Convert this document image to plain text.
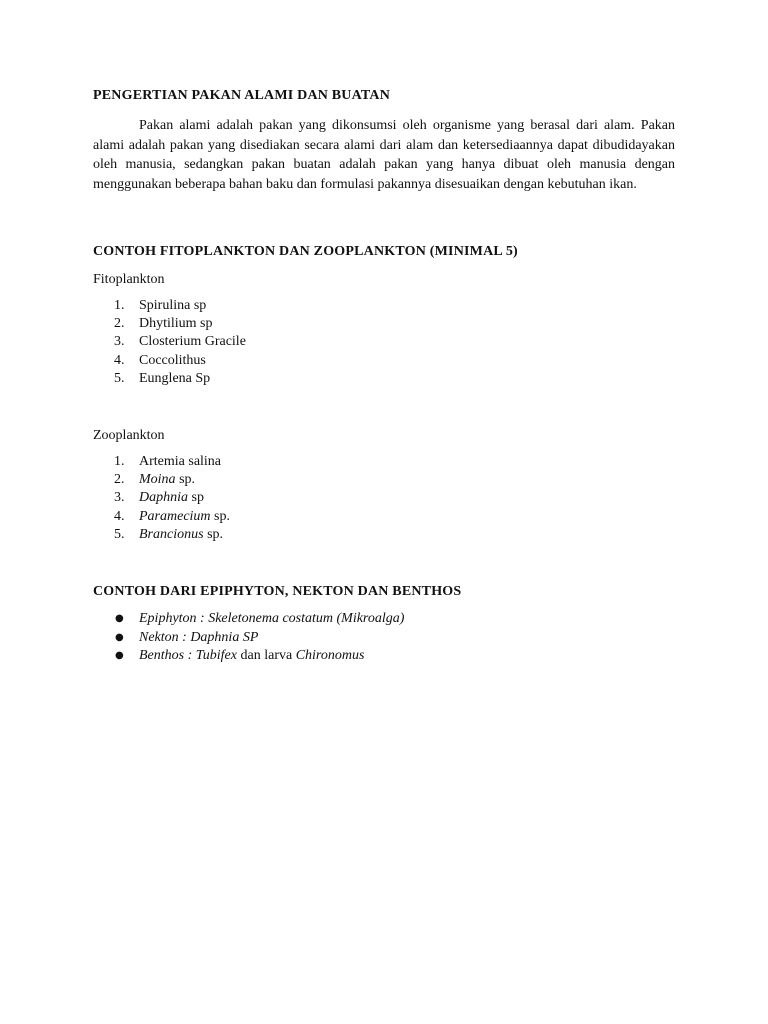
PENGERTIAN PAKAN ALAMI DAN BUATAN

Pakan alami adalah pakan yang dikonsumsi oleh organisme yang berasal dari alam. Pakan alami adalah pakan yang disediakan secara alami dari alam dan ketersediaannya dapat dibudidayakan oleh manusia, sedangkan pakan buatan adalah pakan yang hanya dibuat oleh manusia dengan menggunakan beberapa bahan baku dan formulasi pakannya disesuaikan dengan kebutuhan ikan.

CONTOH FITOPLANKTON DAN ZOOPLANKTON (MINIMAL 5)

Fitoplankton

1. Spirulina sp
2. Dhytilium sp
3. Closterium Gracile
4. Coccolithus
5. Eunglena Sp

Zooplankton

1. Artemia salina
2. Moina sp.
3. Daphnia sp
4. Paramecium sp.
5. Brancionus sp.
CONTOH DARI EPIPHYTON, NEKTON DAN BENTHOS
● Epiphyton : Skeletonema costatum (Mikroalga)
● Nekton : Daphnia SP
● Benthos : Tubifex dan larva Chironomus
